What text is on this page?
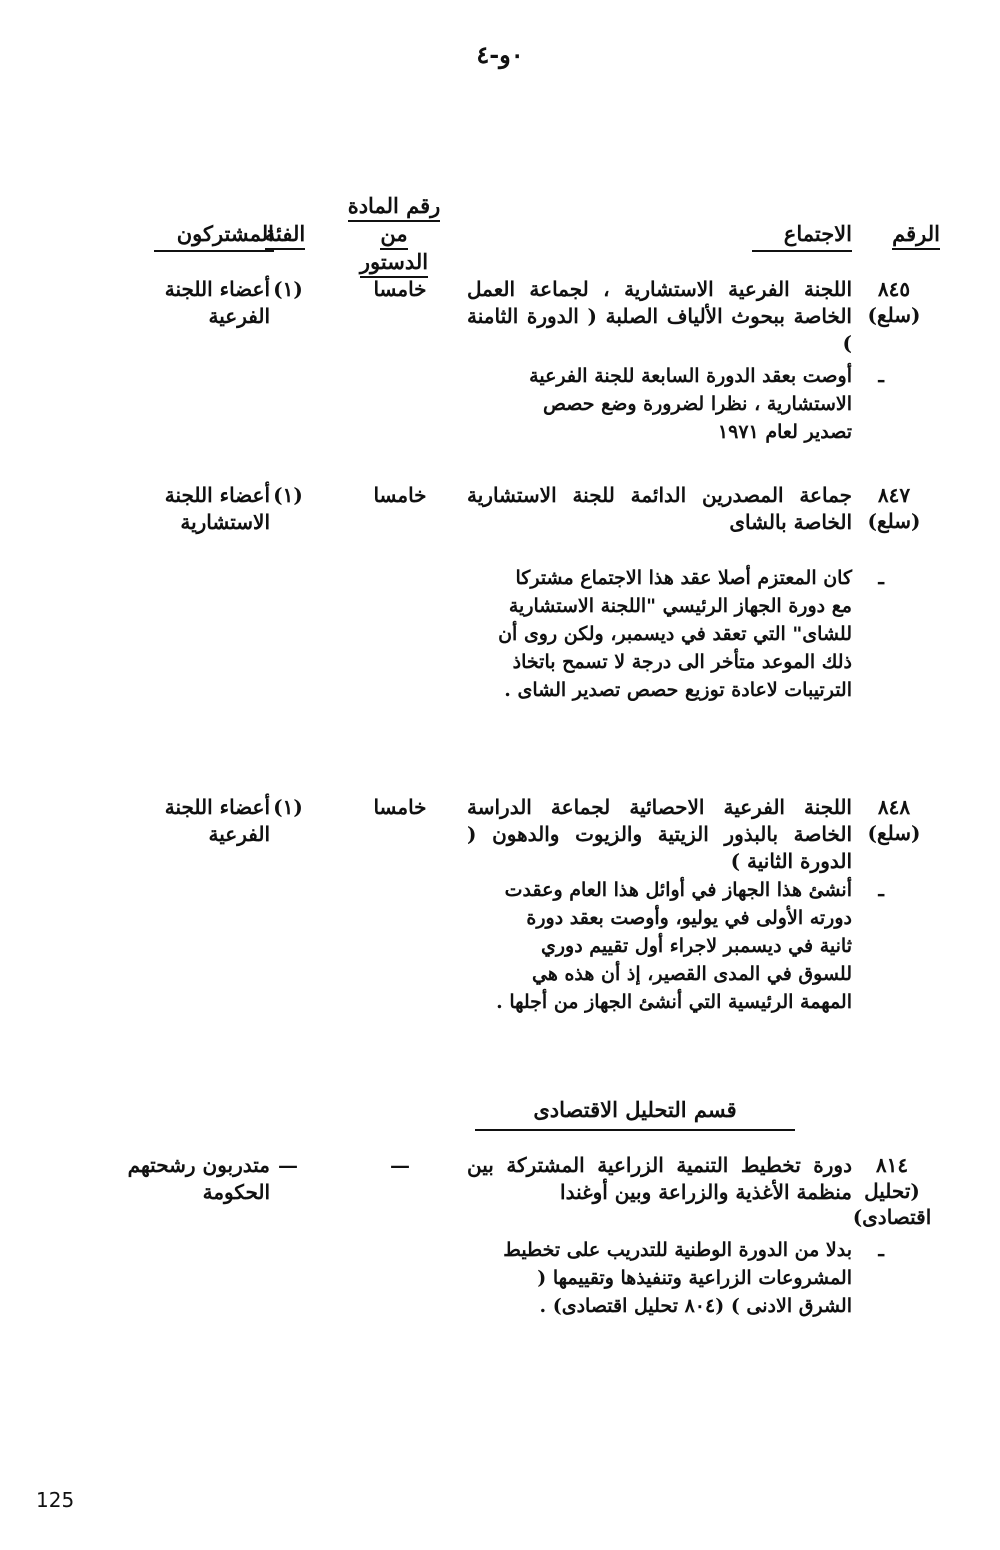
٠و-٤
الرقم
الاجتماع
رقم المادة من الدستور
الفئة
المشتركون
٨٤٥
(سلع)
اللجنة الفرعية الاستشارية ، لجماعة العمل الخاصة ببحوث الألياف الصلبة ( الدورة الثامنة )
خامسا
(١)
أعضاء اللجنة الفرعية
ـ
أوصت بعقد الدورة السابعة للجنة الفرعية الاستشارية ، نظرا لضرورة وضع حصص تصدير لعام ١٩٧١
٨٤٧
(سلع)
جماعة المصدرين الدائمة للجنة الاستشارية الخاصة بالشاى
خامسا
(١)
أعضاء اللجنة الاستشارية
ـ
كان المعتزم أصلا عقد هذا الاجتماع مشتركا مع دورة الجهاز الرئيسي "اللجنة الاستشارية للشاى" التي تعقد في ديسمبر، ولكن روى أن ذلك الموعد متأخر الى درجة لا تسمح باتخاذ الترتيبات لاعادة توزيع حصص تصدير الشاى .
٨٤٨
(سلع)
اللجنة الفرعية الاحصائية لجماعة الدراسة الخاصة بالبذور الزيتية والزيوت والدهون ( الدورة الثانية )
خامسا
(١)
أعضاء اللجنة الفرعية
ـ
أنشئ هذا الجهاز في أوائل هذا العام وعقدت دورته الأولى في يوليو، وأوصت بعقد دورة ثانية في ديسمبر لاجراء أول تقييم دوري للسوق في المدى القصير، إذ أن هذه هي المهمة الرئيسية التي أنشئ الجهاز من أجلها .
قسم التحليل الاقتصادى
٨١٤
(تحليل اقتصادى)
دورة تخطيط التنمية الزراعية المشتركة بين منظمة الأغذية والزراعة وبين أوغندا
—
—
متدربون رشحتهم الحكومة
ـ
بدلا من الدورة الوطنية للتدريب على تخطيط المشروعات الزراعية وتنفيذها وتقييمها ( الشرق الادنى ) (٨٠٤ تحليل اقتصادى) .
125
